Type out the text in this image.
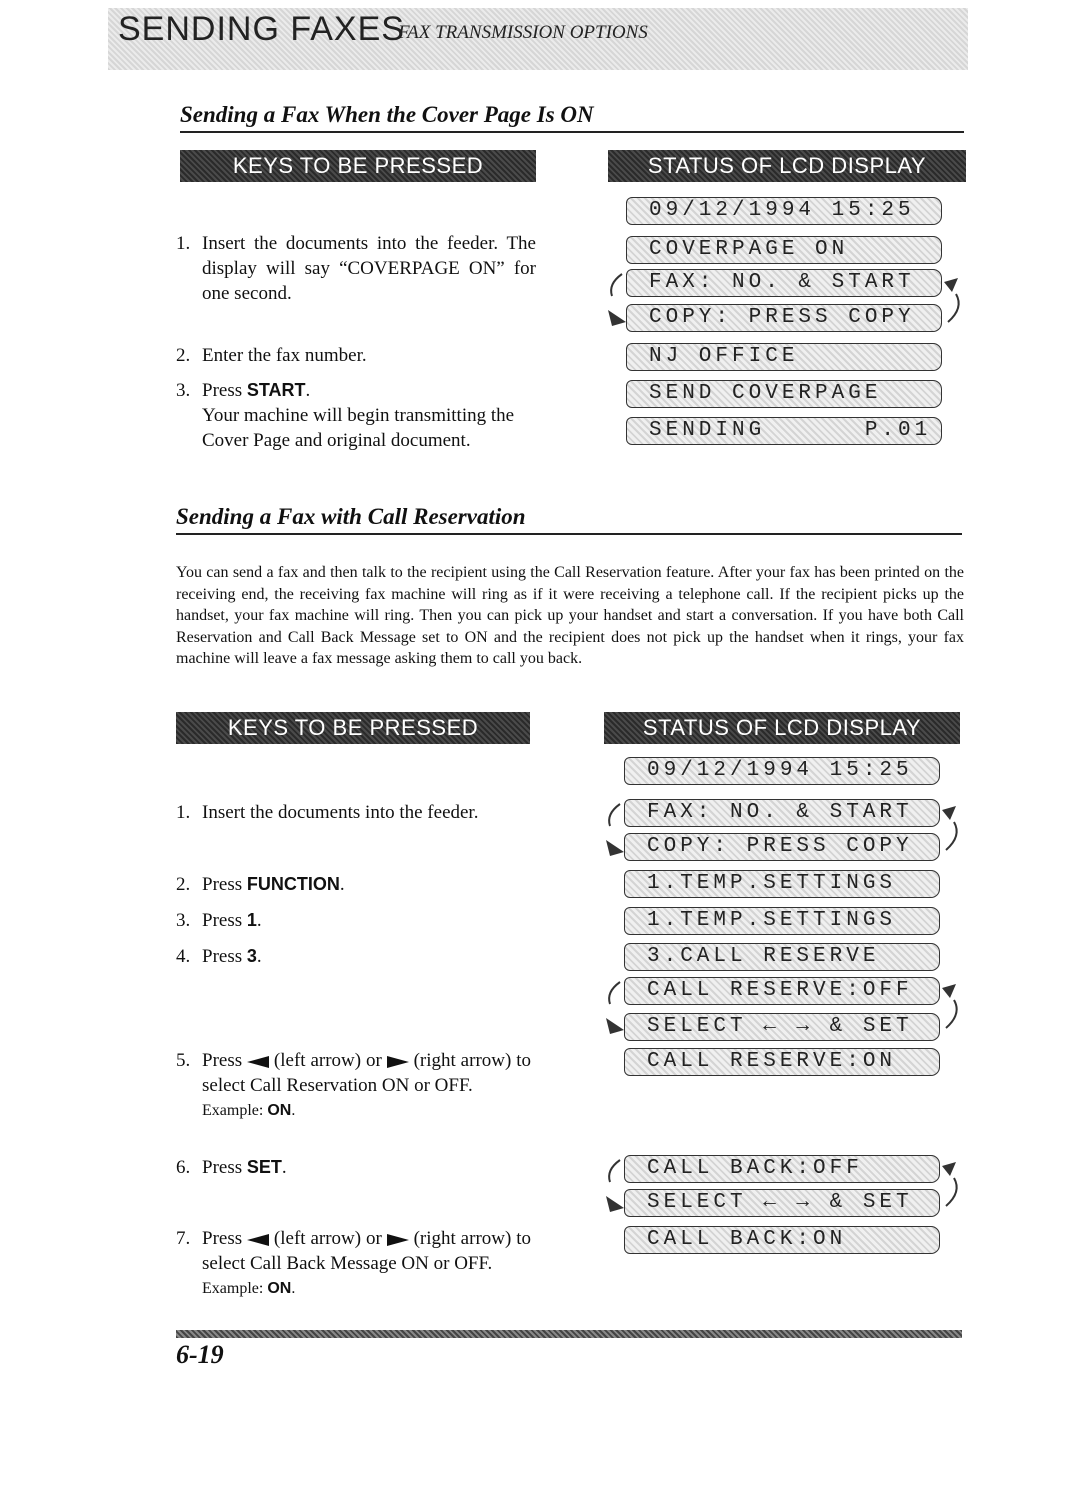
SENDING FAXES
FAX TRANSMISSION OPTIONS
Sending a Fax When the Cover Page Is ON
KEYS TO BE PRESSED	STATUS OF LCD DISPLAY
1. Insert the documents into the feeder. The display will say “COVERPAGE ON” for one second.
2. Enter the fax number.
3. Press START.
Your machine will begin transmitting the Cover Page and original document.
09/12/1994 15:25
COVERPAGE ON
FAX: NO. & START
COPY: PRESS COPY
NJ OFFICE
SEND COVERPAGE
SENDING      P.01
Sending a Fax with Call Reservation
You can send a fax and then talk to the recipient using the Call Reservation feature. After your fax has been printed on the receiving end, the receiving fax machine will ring as if it were receiving a telephone call. If the recipient picks up the handset, your fax machine will ring. Then you can pick up your handset and start a conversation. If you have both Call Reservation and Call Back Message set to ON and the recipient does not pick up the handset when it rings, your fax machine will leave a fax message asking them to call you back.
KEYS TO BE PRESSED	STATUS OF LCD DISPLAY
1. Insert the documents into the feeder.
2. Press FUNCTION.
3. Press 1.
4. Press 3.
5. Press  (left arrow) or  (right arrow) to select Call Reservation ON or OFF.
Example: ON.
6. Press SET.
7. Press  (left arrow) or  (right arrow) to select Call Back Message ON or OFF.
Example: ON.
09/12/1994 15:25
FAX: NO. & START
COPY: PRESS COPY
1.TEMP.SETTINGS
1.TEMP.SETTINGS
3.CALL RESERVE
CALL RESERVE:OFF
SELECT ← → & SET
CALL RESERVE:ON
CALL BACK:OFF
SELECT ← → & SET
CALL BACK:ON
6-19
